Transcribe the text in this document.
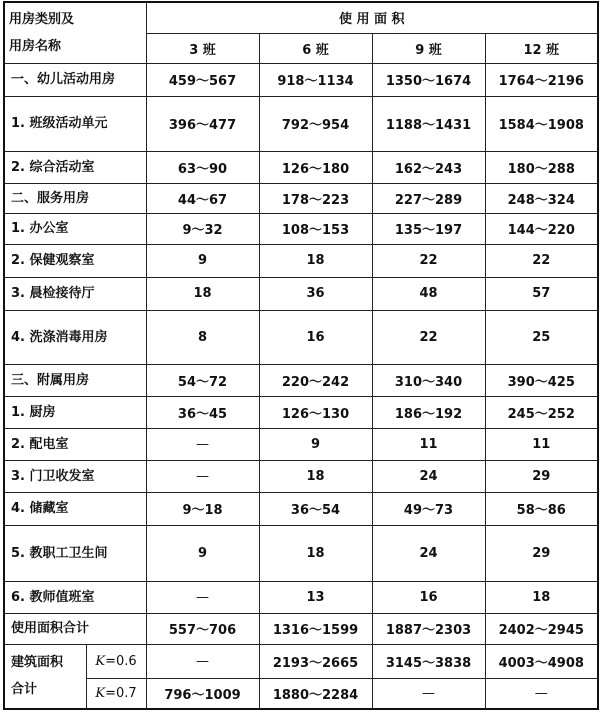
用房类别及
用房名称		使 用 面 积			
		3 班	6 班	9 班	12 班
一、幼儿活动用房		459～567	918～1134	1350～1674	1764～2196
1. 班级活动单元		396～477	792～954	1188～1431	1584～1908
2. 综合活动室		63～90	126～180	162～243	180～288
二、服务用房		44～67	178～223	227～289	248～324
1. 办公室		9～32	108～153	135～197	144～220
2. 保健观察室		9	18	22	22
3. 晨检接待厅		18	36	48	57
4. 洗涤消毒用房		8	16	22	25
三、附属用房		54～72	220～242	310～340	390～425
1. 厨房		36～45	126～130	186～192	245～252
2. 配电室		—	9	11	11
3. 门卫收发室		—	18	24	29
4. 储藏室		9～18	36～54	49～73	58～86
5. 教职工卫生间		9	18	24	29
6. 教师值班室		—	13	16	18
使用面积合计		557～706	1316～1599	1887～2303	2402～2945
建筑面积
合计	K=0.6	—	2193～2665	3145～3838	4003～4908
	K=0.7	796～1009	1880～2284	—	—
